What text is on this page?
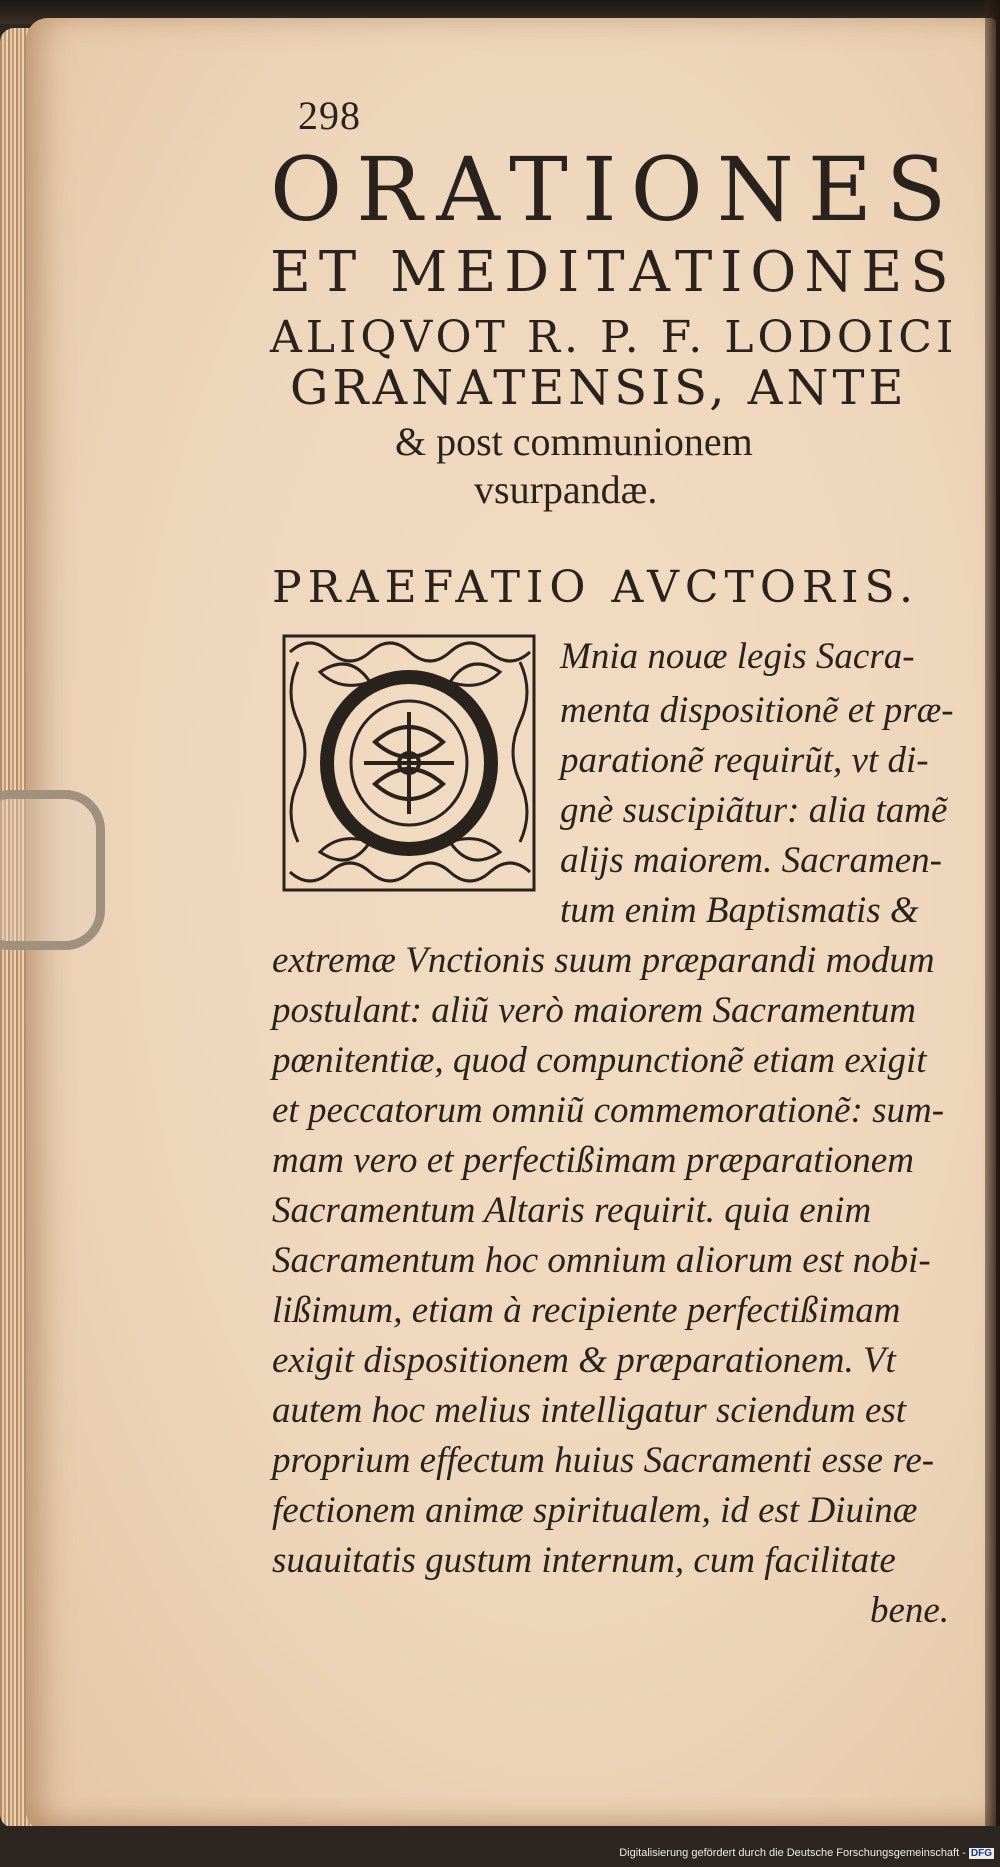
298
ORATIONES
ET MEDITATIONES
ALIQVOT R. P. F. LODOICI
GRANATENSIS, ANTE
& post communionem
vsurpandæ.
PRAEFATIO AVCTORIS.
Mnia nouæ legis Sacra-
menta dispositionẽ et præ-
parationẽ requirũt, vt di-
gnè suscipiãtur: alia tamẽ
alijs maiorem. Sacramen-
tum enim Baptismatis &
extremæ Vnctionis suum præparandi modum
postulant: aliũ verò maiorem Sacramentum
pœnitentiæ, quod compunctionẽ etiam exigit
et peccatorum omniũ commemorationẽ: sum-
mam vero et perfectißimam præparationem
Sacramentum Altaris requirit. quia enim
Sacramentum hoc omnium aliorum est nobi-
lißimum, etiam à recipiente perfectißimam
exigit dispositionem & præparationem. Vt
autem hoc melius intelligatur sciendum est
proprium effectum huius Sacramenti esse re-
fectionem animæ spiritualem, id est Diuinæ
suauitatis gustum internum, cum facilitate
bene.
Digitalisierung gefördert durch die Deutsche Forschungsgemeinschaft - DFG
